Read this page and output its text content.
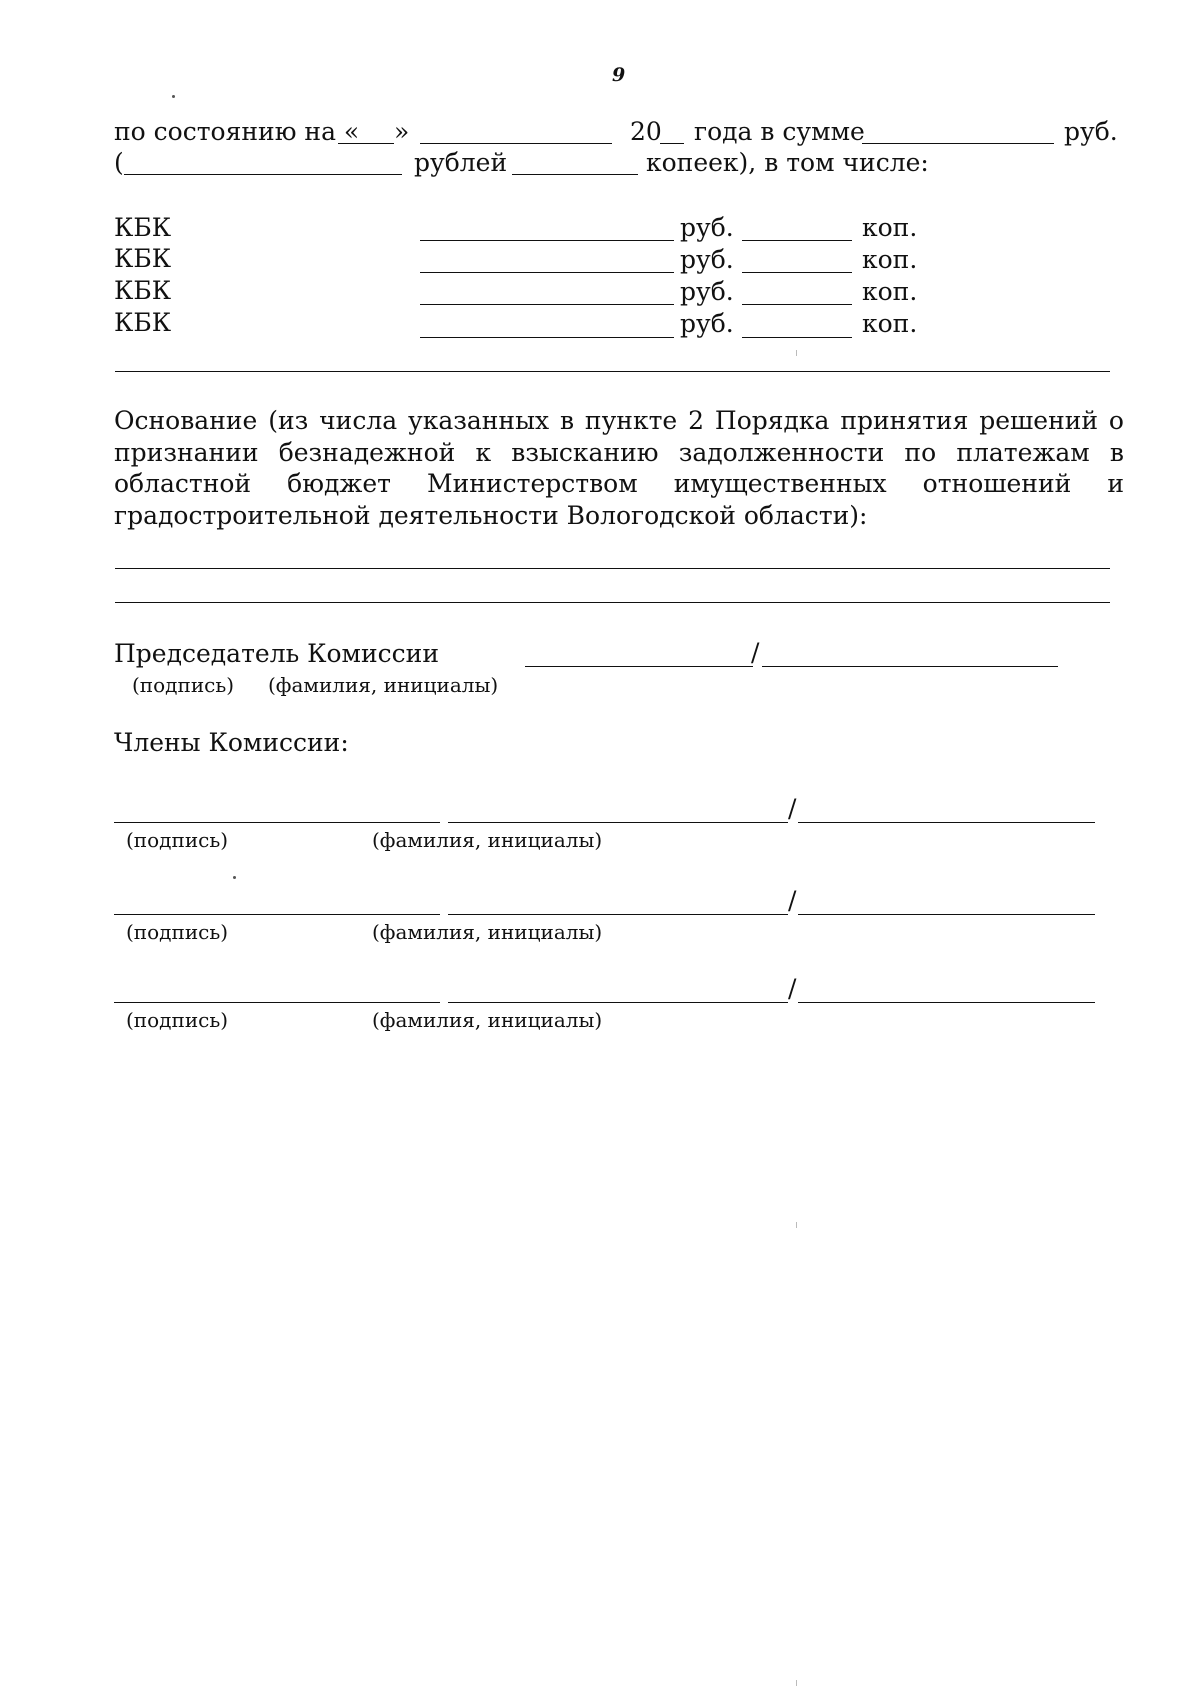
9
по состоянию на « »	20 года в сумме	руб.
(	рублей	копеек), в том числе:
КБК	руб.	коп.
КБК	руб.	коп.
КБК	руб.	коп.
КБК	руб.	коп.
Основание (из числа указанных в пункте 2 Порядка принятия решений о признании безнадежной к взысканию задолженности по платежам в областной бюджет Министерством имущественных отношений и градостроительной деятельности Вологодской области):
Председатель Комиссии	/
(подпись) (фамилия, инициалы)
Члены Комиссии:
/
(подпись)	(фамилия, инициалы)
/
(подпись)	(фамилия, инициалы)
/
(подпись)	(фамилия, инициалы)
